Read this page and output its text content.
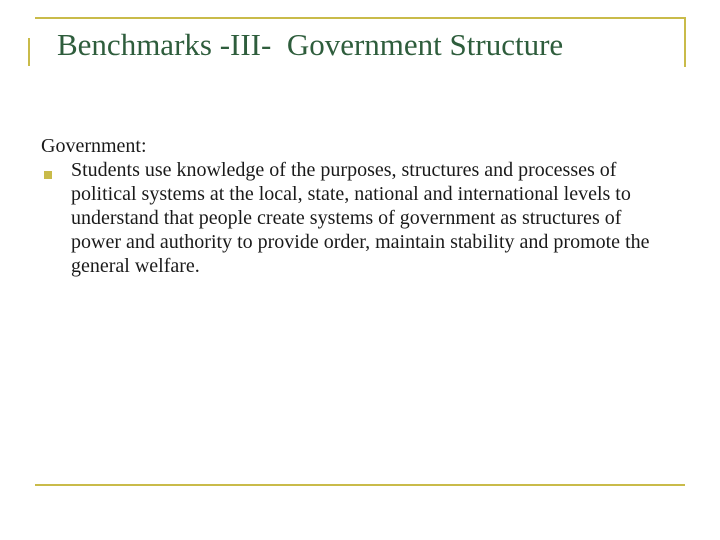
Benchmarks -III-  Government Structure

Government:

Students use knowledge of the purposes, structures and processes of political systems at the local, state, national and international levels to understand that people create systems of government as structures of power and authority to provide order, maintain stability and promote the general welfare.
